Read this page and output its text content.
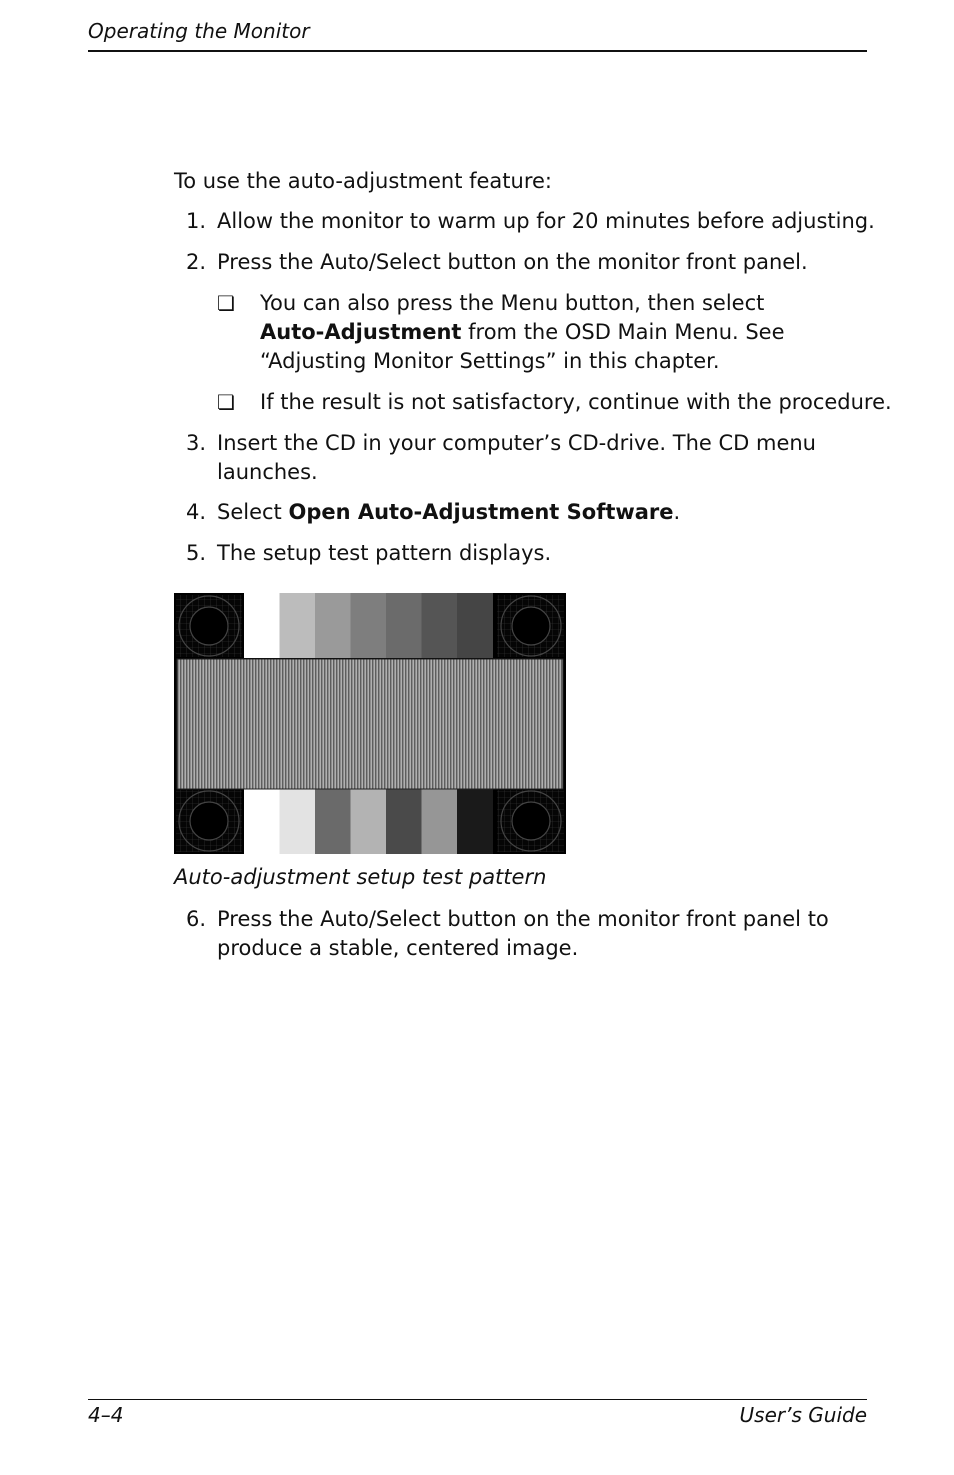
Operating the Monitor
To use the auto-adjustment feature:
1. Allow the monitor to warm up for 20 minutes before adjusting.
2. Press the Auto/Select button on the monitor front panel.
❏ You can also press the Menu button, then select
Auto-Adjustment from the OSD Main Menu. See
“Adjusting Monitor Settings” in this chapter.
❏ If the result is not satisfactory, continue with the procedure.
3. Insert the CD in your computer’s CD-drive. The CD menu
launches.
4. Select Open Auto-Adjustment Software.
5. The setup test pattern displays.
Auto-adjustment setup test pattern
6. Press the Auto/Select button on the monitor front panel to
produce a stable, centered image.
4–4	User’s Guide
